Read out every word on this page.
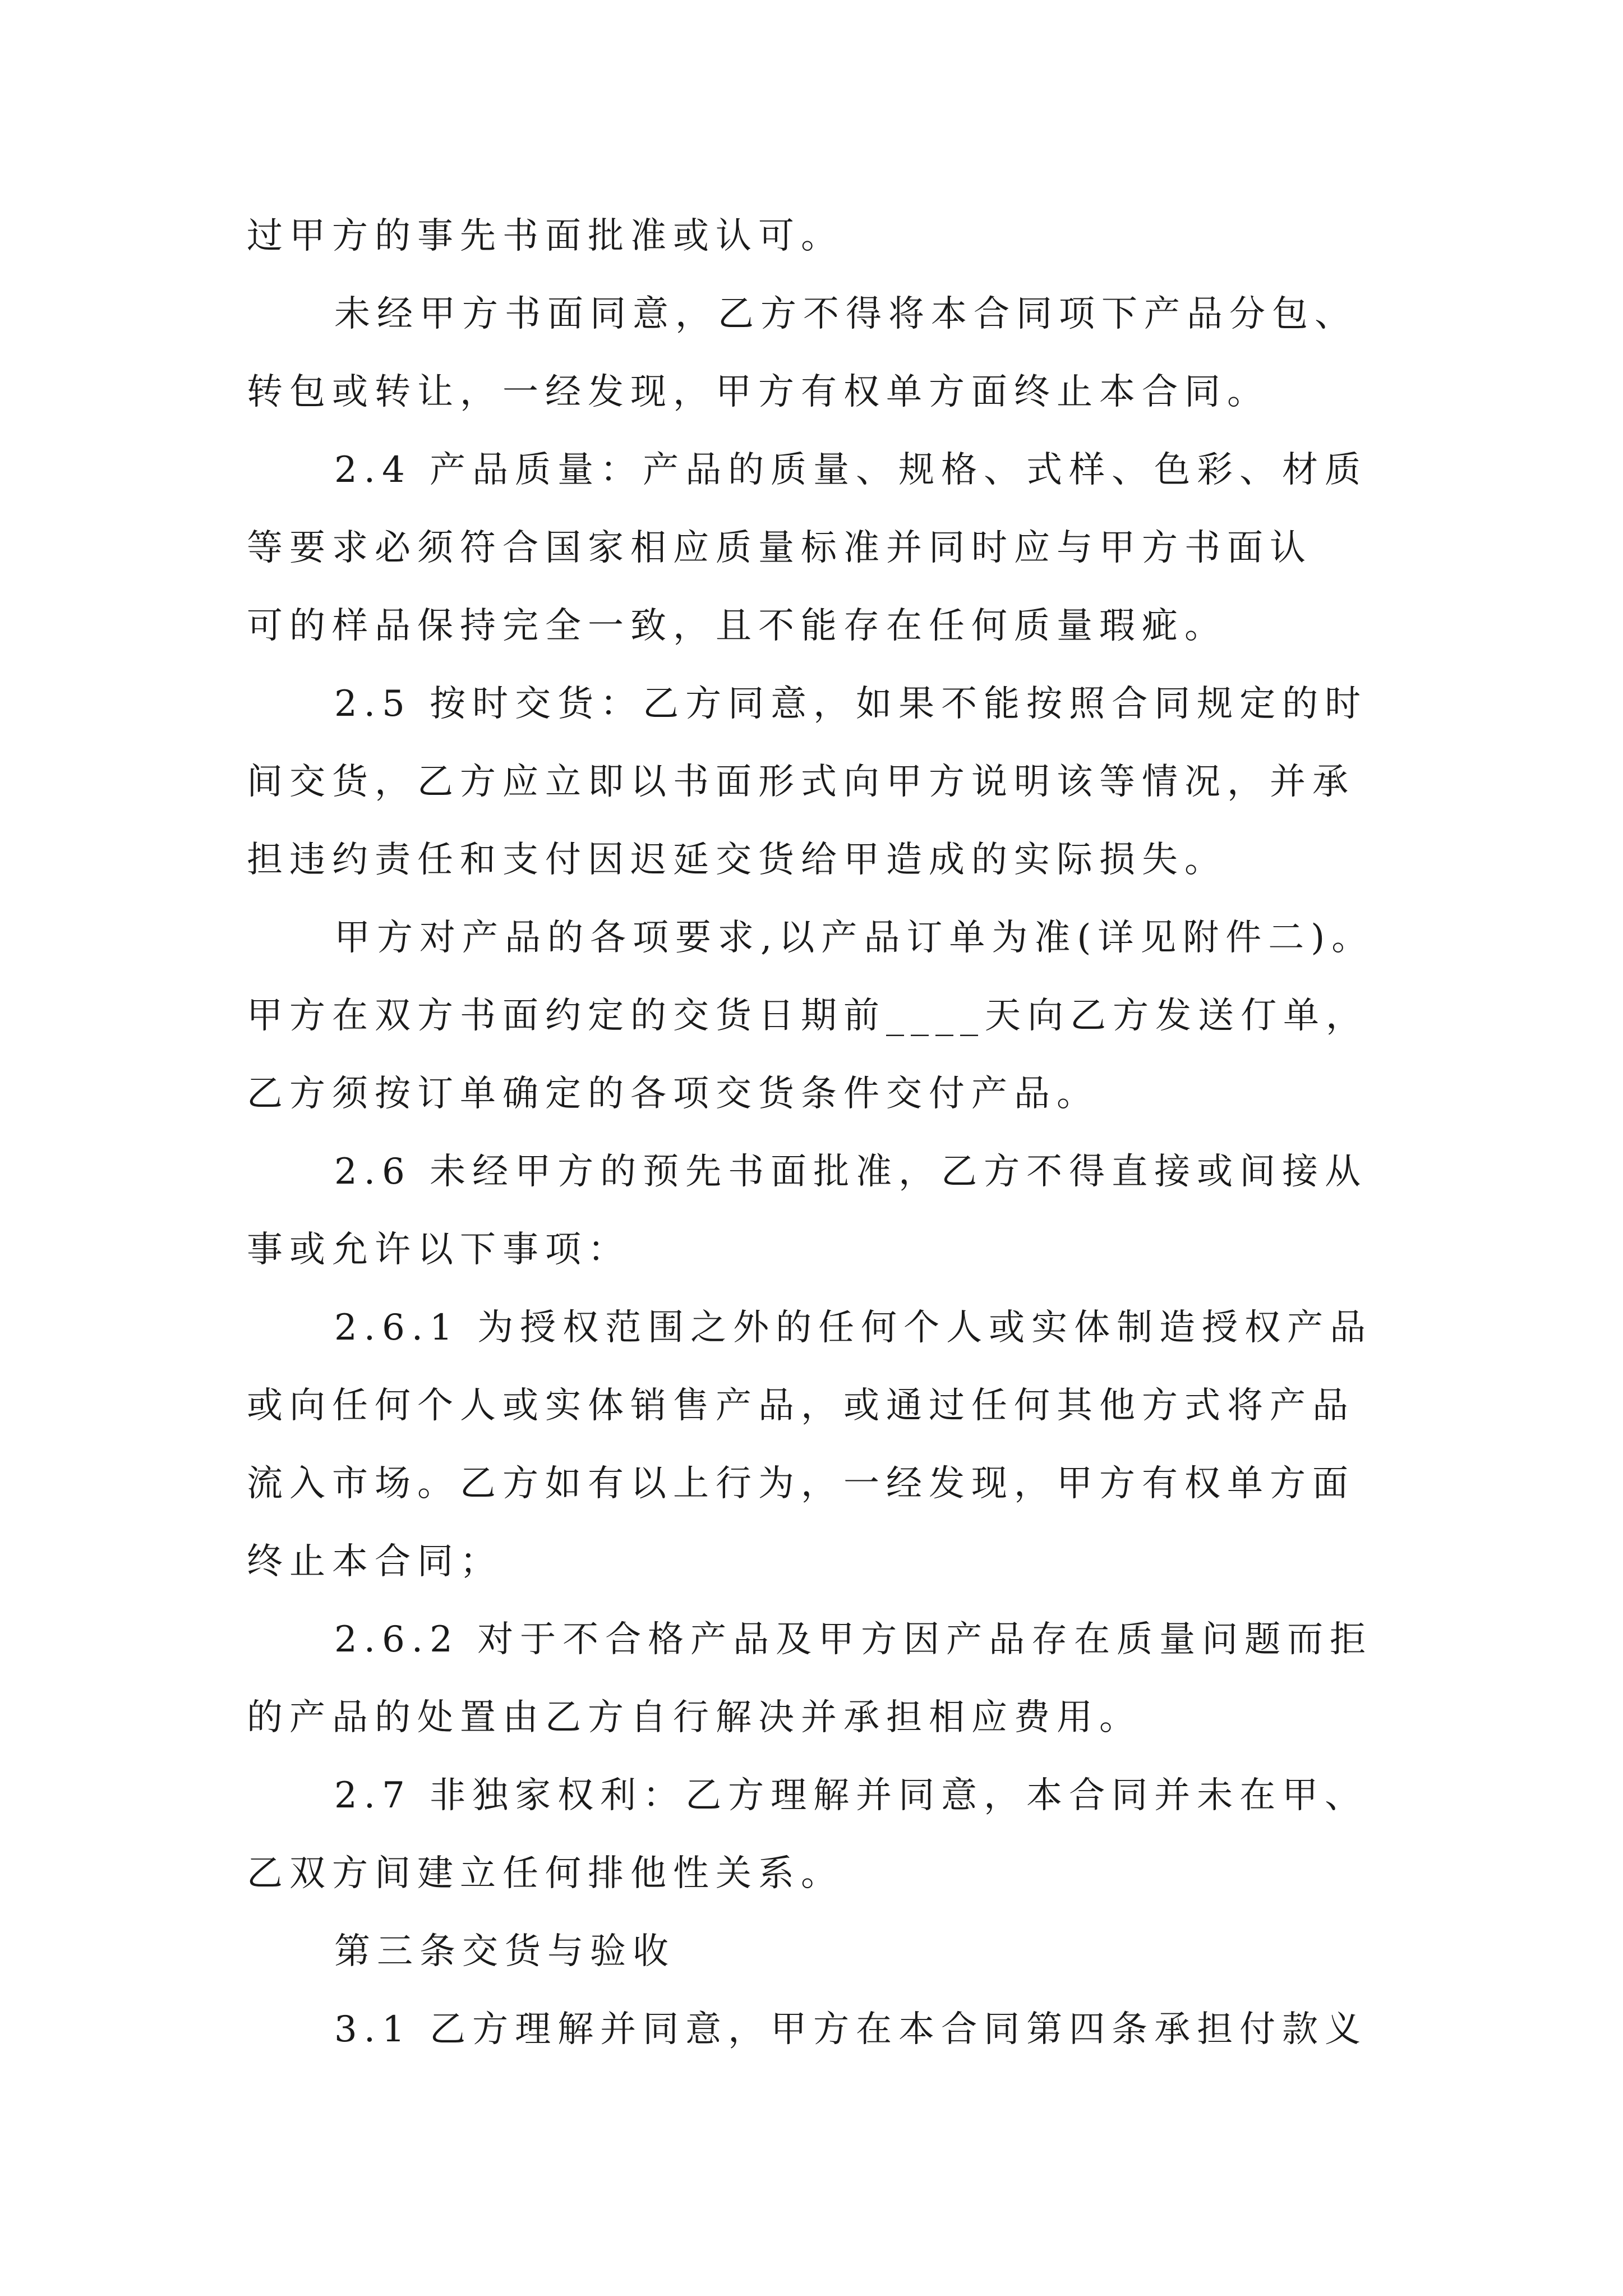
过甲方的事先书面批准或认可。
未经甲方书面同意，乙方不得将本合同项下产品分包、
转包或转让，一经发现，甲方有权单方面终止本合同。
2.4 产品质量：产品的质量、规格、式样、色彩、材质
等要求必须符合国家相应质量标准并同时应与甲方书面认
可的样品保持完全一致，且不能存在任何质量瑕疵。
2.5 按时交货：乙方同意，如果不能按照合同规定的时
间交货，乙方应立即以书面形式向甲方说明该等情况，并承
担违约责任和支付因迟延交货给甲造成的实际损失。
甲方对产品的各项要求,以产品订单为准(详见附件二)。
甲方在双方书面约定的交货日期前____天向乙方发送仃单，
乙方须按订单确定的各项交货条件交付产品。
2.6 未经甲方的预先书面批准，乙方不得直接或间接从
事或允许以下事项：
2.6.1 为授权范围之外的任何个人或实体制造授权产品
或向任何个人或实体销售产品，或通过任何其他方式将产品
流入市场。乙方如有以上行为，一经发现，甲方有权单方面
终止本合同；
2.6.2 对于不合格产品及甲方因产品存在质量问题而拒
的产品的处置由乙方自行解决并承担相应费用。
2.7 非独家权利：乙方理解并同意，本合同并未在甲、
乙双方间建立任何排他性关系。
第三条交货与验收
3.1 乙方理解并同意，甲方在本合同第四条承担付款义
